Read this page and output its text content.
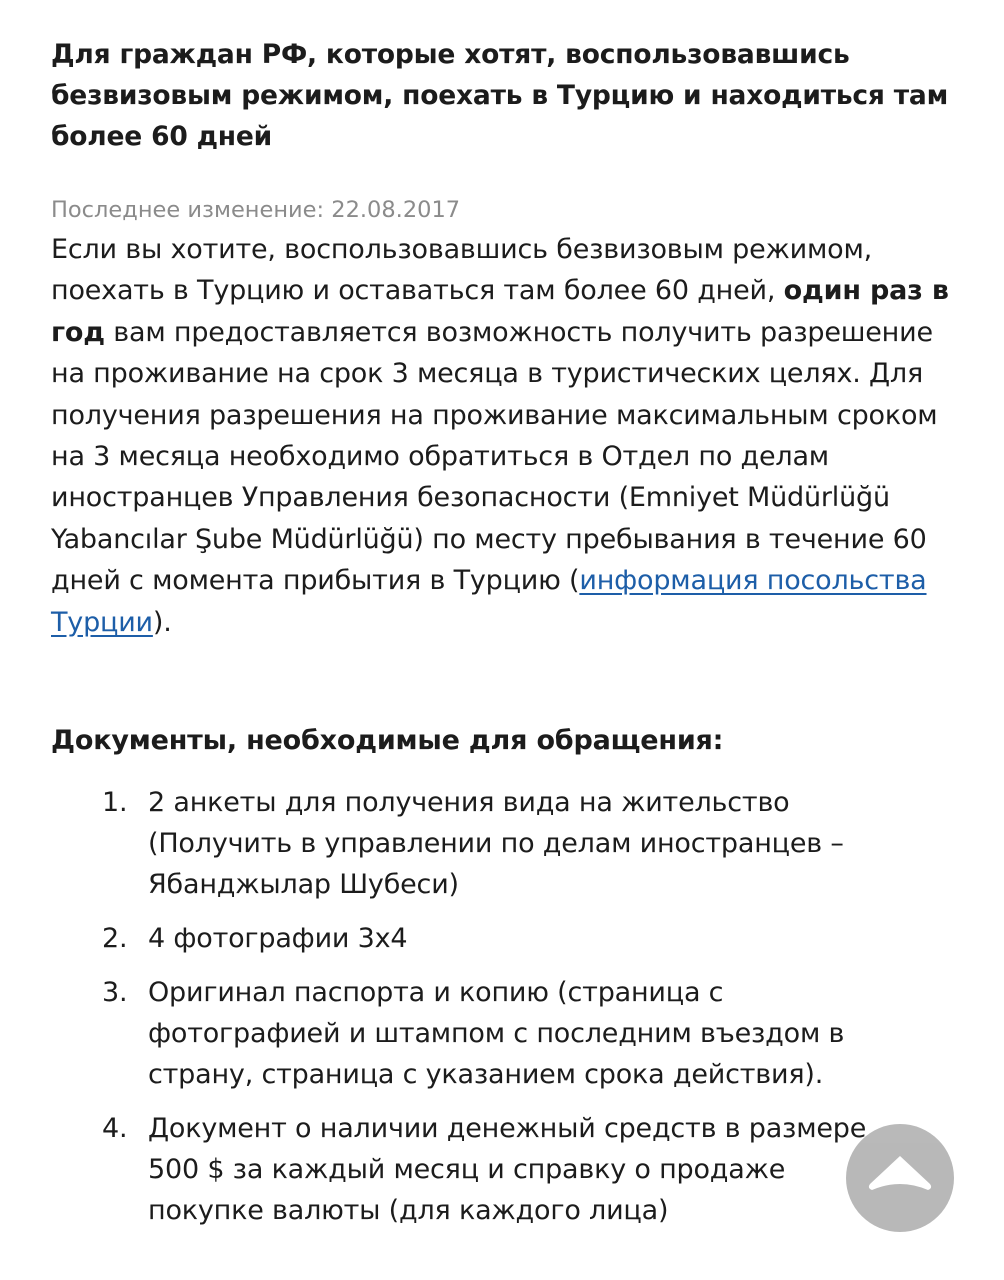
Для граждан РФ, которые хотят, воспользовавшись безвизовым режимом, поехать в Турцию и находиться там более 60 дней
Последнее изменение: 22.08.2017

Если вы хотите, воспользовавшись безвизовым режимом, поехать в Турцию и оставаться там более 60 дней, один раз в год вам предоставляется возможность получить разрешение на проживание на срок 3 месяца в туристических целях. Для получения разрешения на проживание максимальным сроком на 3 месяца необходимо обратиться в Отдел по делам иностранцев Управления безопасности (Emniyet Müdürlüğü Yabancılar Şube Müdürlüğü) по месту пребывания в течение 60 дней с момента прибытия в Турцию (информация посольства Турции).

Документы, необходимые для обращения:
1. 2 анкеты для получения вида на жительство (Получить в управлении по делам иностранцев – Ябанджылар Шубеси)
2. 4 фотографии 3х4
3. Оригинал паспорта и копию (страница с фотографией и штампом с последним въездом в страну, страница с указанием срока действия).
4. Документ о наличии денежный средств в размере 500 $ за каждый месяц и справку о продаже покупке валюты (для каждого лица)
